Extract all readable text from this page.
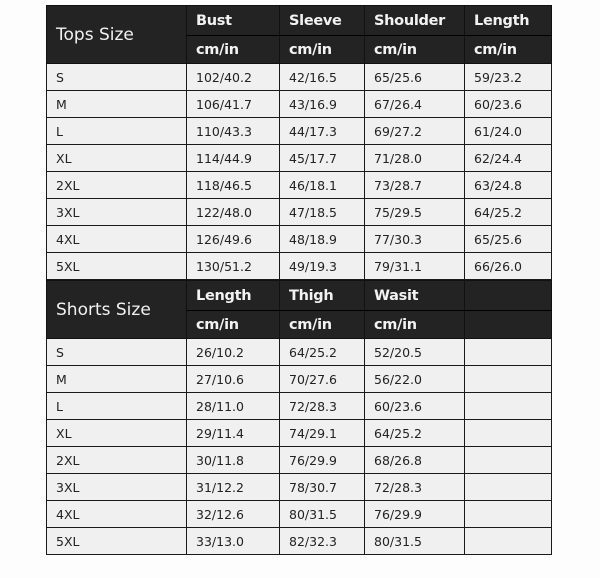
Tops Size	Bust	Sleeve	Shoulder	Length
	cm/in	cm/in	cm/in	cm/in
S	102/40.2	42/16.5	65/25.6	59/23.2
M	106/41.7	43/16.9	67/26.4	60/23.6
L	110/43.3	44/17.3	69/27.2	61/24.0
XL	114/44.9	45/17.7	71/28.0	62/24.4
2XL	118/46.5	46/18.1	73/28.7	63/24.8
3XL	122/48.0	47/18.5	75/29.5	64/25.2
4XL	126/49.6	48/18.9	77/30.3	65/25.6
5XL	130/51.2	49/19.3	79/31.1	66/26.0
Shorts Size	Length	Thigh	Wasit	
	cm/in	cm/in	cm/in	
S	26/10.2	64/25.2	52/20.5	
M	27/10.6	70/27.6	56/22.0	
L	28/11.0	72/28.3	60/23.6	
XL	29/11.4	74/29.1	64/25.2	
2XL	30/11.8	76/29.9	68/26.8	
3XL	31/12.2	78/30.7	72/28.3	
4XL	32/12.6	80/31.5	76/29.9	
5XL	33/13.0	82/32.3	80/31.5	
